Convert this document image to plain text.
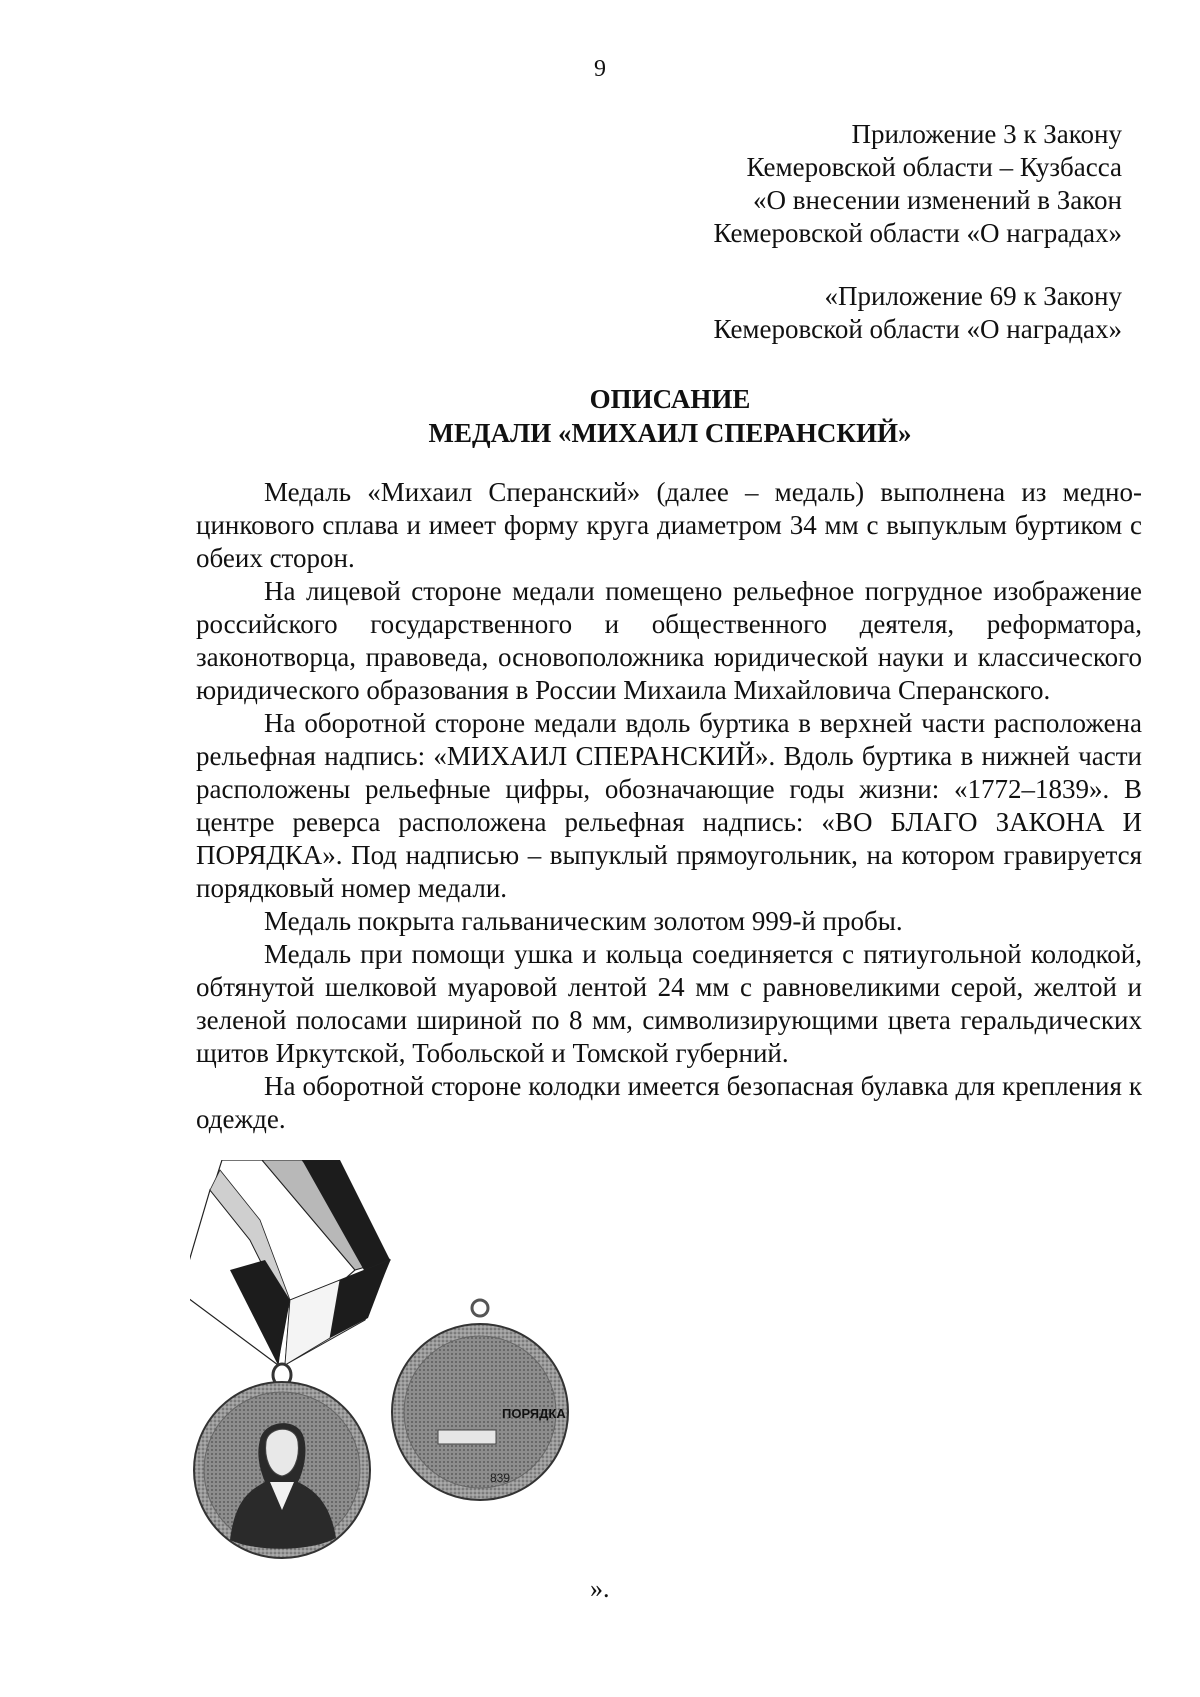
9
Приложение 3 к Закону
Кемеровской области – Кузбасса
«О внесении изменений в Закон
Кемеровской области «О наградах»
«Приложение 69 к Закону
Кемеровской области «О наградах»
ОПИСАНИЕ
МЕДАЛИ «МИХАИЛ СПЕРАНСКИЙ»

Медаль «Михаил Сперанский» (далее – медаль) выполнена из медно-цинкового сплава и имеет форму круга диаметром 34 мм с выпуклым буртиком с обеих сторон.

На лицевой стороне медали помещено рельефное погрудное изображение российского государственного и общественного деятеля, реформатора, законотворца, правоведа, основоположника юридической науки и классического юридического образования в России Михаила Михайловича Сперанского.

На оборотной стороне медали вдоль буртика в верхней части расположена рельефная надпись: «МИХАИЛ СПЕРАНСКИЙ». Вдоль буртика в нижней части расположены рельефные цифры, обозначающие годы жизни: «1772–1839». В центре реверса расположена рельефная надпись: «ВО БЛАГО ЗАКОНА И ПОРЯДКА». Под надписью – выпуклый прямоугольник, на котором гравируется порядковый номер медали.

Медаль покрыта гальваническим золотом 999-й пробы.

Медаль при помощи ушка и кольца соединяется с пятиугольной колодкой, обтянутой шелковой муаровой лентой 24 мм с равновеликими серой, желтой и зеленой полосами шириной по 8 мм, символизирующими цвета геральдических щитов Иркутской, Тобольской и Томской губерний.

На оборотной стороне колодки имеется безопасная булавка для крепления к одежде.

ПОРЯДКА
839
».
